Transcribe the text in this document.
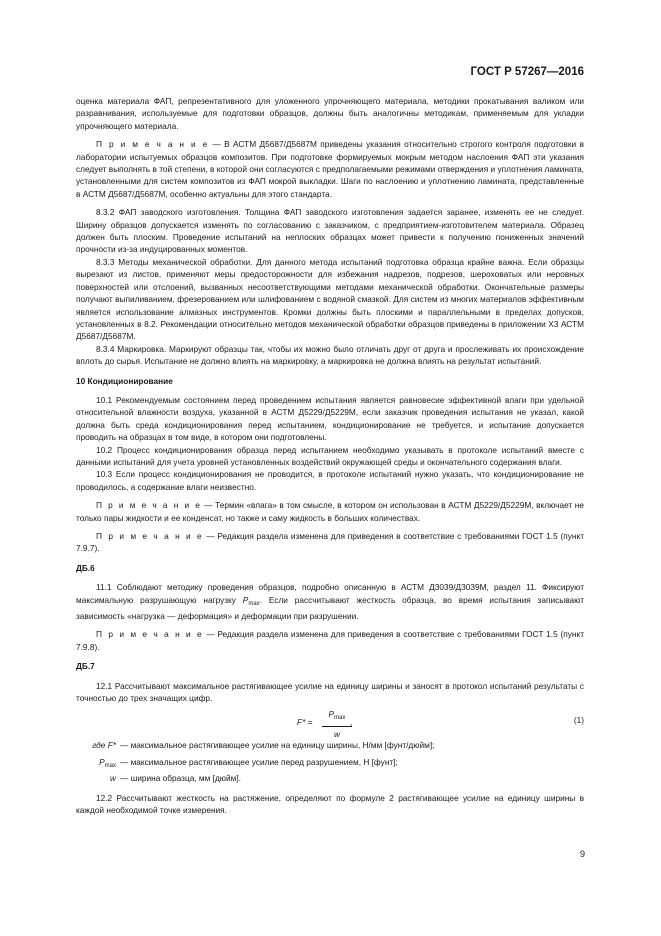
ГОСТ Р 57267—2016

оценка материала ФАП, репрезентативного для уложенного упрочняющего материала, методики прокатывания валиком или разравнивания, используемые для подготовки образцов, должны быть аналогичны методикам, применяемым для укладки упрочняющего материала.

П р и м е ч а н и е — В АСТМ Д5687/Д5687М приведены указания относительно строгого контроля подготовки в лаборатории испытуемых образцов композитов. При подготовке формируемых мокрым методом наслоения ФАП эти указания следует выполнять в той степени, в которой они согласуются с предполагаемыми режимами отверждения и уплотнения ламината, установленными для систем композитов из ФАП мокрой выкладки. Шаги по наслоению и уплотнению ламината, представленные в АСТМ Д5687/Д5687М, особенно актуальны для этого стандарта.

8.3.2 ФАП заводского изготовления. Толщина ФАП заводского изготовления задается заранее, изменять ее не следует. Ширину образцов допускается изменять по согласованию с заказчиком, с предприятием-изготовителем материала. Образец должен быть плоским. Проведение испытаний на неплоских образцах может привести к получению пониженных значений прочности из-за индуцированных моментов.

8.3.3 Методы механической обработки. Для данного метода испытаний подготовка образца крайне важна. Если образцы вырезают из листов, применяют меры предосторожности для избежания надрезов, подрезов, шероховатых или неровных поверхностей или отслоений, вызванных несоответствующими методами механической обработки. Окончательные размеры получают выпиливанием, фрезерованием или шлифованием с водяной смазкой. Для систем из многих материалов эффективным является использование алмазных инструментов. Кромки должны быть плоскими и параллельными в пределах допусков, установленных в 8.2. Рекомендации относительно методов механической обработки образцов приведены в приложении Х3 АСТМ Д5687/Д5687М.

8.3.4 Маркировка. Маркируют образцы так, чтобы их можно было отличать друг от друга и прослеживать их происхождение вплоть до сырья. Испытание не должно влиять на маркировку, а маркировка не должна влиять на результат испытаний.

10 Кондиционирование

10.1 Рекомендуемым состоянием перед проведением испытания является равновесие эффективной влаги при удельной относительной влажности воздуха, указанной в АСТМ Д5229/Д5229М, если заказчик проведения испытания не указал, какой должна быть среда кондиционирования перед испытанием, кондиционирование не требуется, и испытание допускается проводить на образцах в том виде, в котором они подготовлены.

10.2 Процесс кондиционирования образца перед испытанием необходимо указывать в протоколе испытаний вместе с данными испытаний для учета уровней установленных воздействий окружающей среды и окончательного содержания влаги.

10.3 Если процесс кондиционирования не проводится, в протоколе испытаний нужно указать, что кондиционирование не проводилось, а содержание влаги неизвестно.

П р и м е ч а н и е — Термин «влага» в том смысле, в котором он использован в АСТМ Д5229/Д5229М, включает не только пары жидкости и ее конденсат, но также и саму жидкость в больших количествах.

П р и м е ч а н и е — Редакция раздела изменена для приведения в соответствие с требованиями ГОСТ 1.5 (пункт 7.9.7).

ДБ.6

11.1 Соблюдают методику проведения образцов, подробно описанную в АСТМ Д3039/Д3039М, раздел 11. Фиксируют максимальную разрушающую нагрузку $P_{max}$. Если рассчитывают жесткость образца, во время испытания записывают зависимость «нагрузка — деформация» и деформации при разрушении.

П р и м е ч а н и е — Редакция раздела изменена для приведения в соответствие с требованиями ГОСТ 1.5 (пункт 7.9.8).

ДБ.7

12.1 Рассчитывают максимальное растягивающее усилие на единицу ширины и заносят в протокол испытаний результаты с точностью до трех значащих цифр.

F* =
$P_{max}$
w
,	(1)
где F* — максимальное растягивающее усилие на единицу ширины, Н/мм [фунт/дюйм];
$P_{max}$ — максимальное растягивающее усилие перед разрушением, Н [фунт];
w — ширина образца, мм [дюйм].

12.2 Рассчитывают жесткость на растяжение, определяют по формуле 2 растягивающее усилие на единицу ширины в каждой необходимой точке измерения.

9
